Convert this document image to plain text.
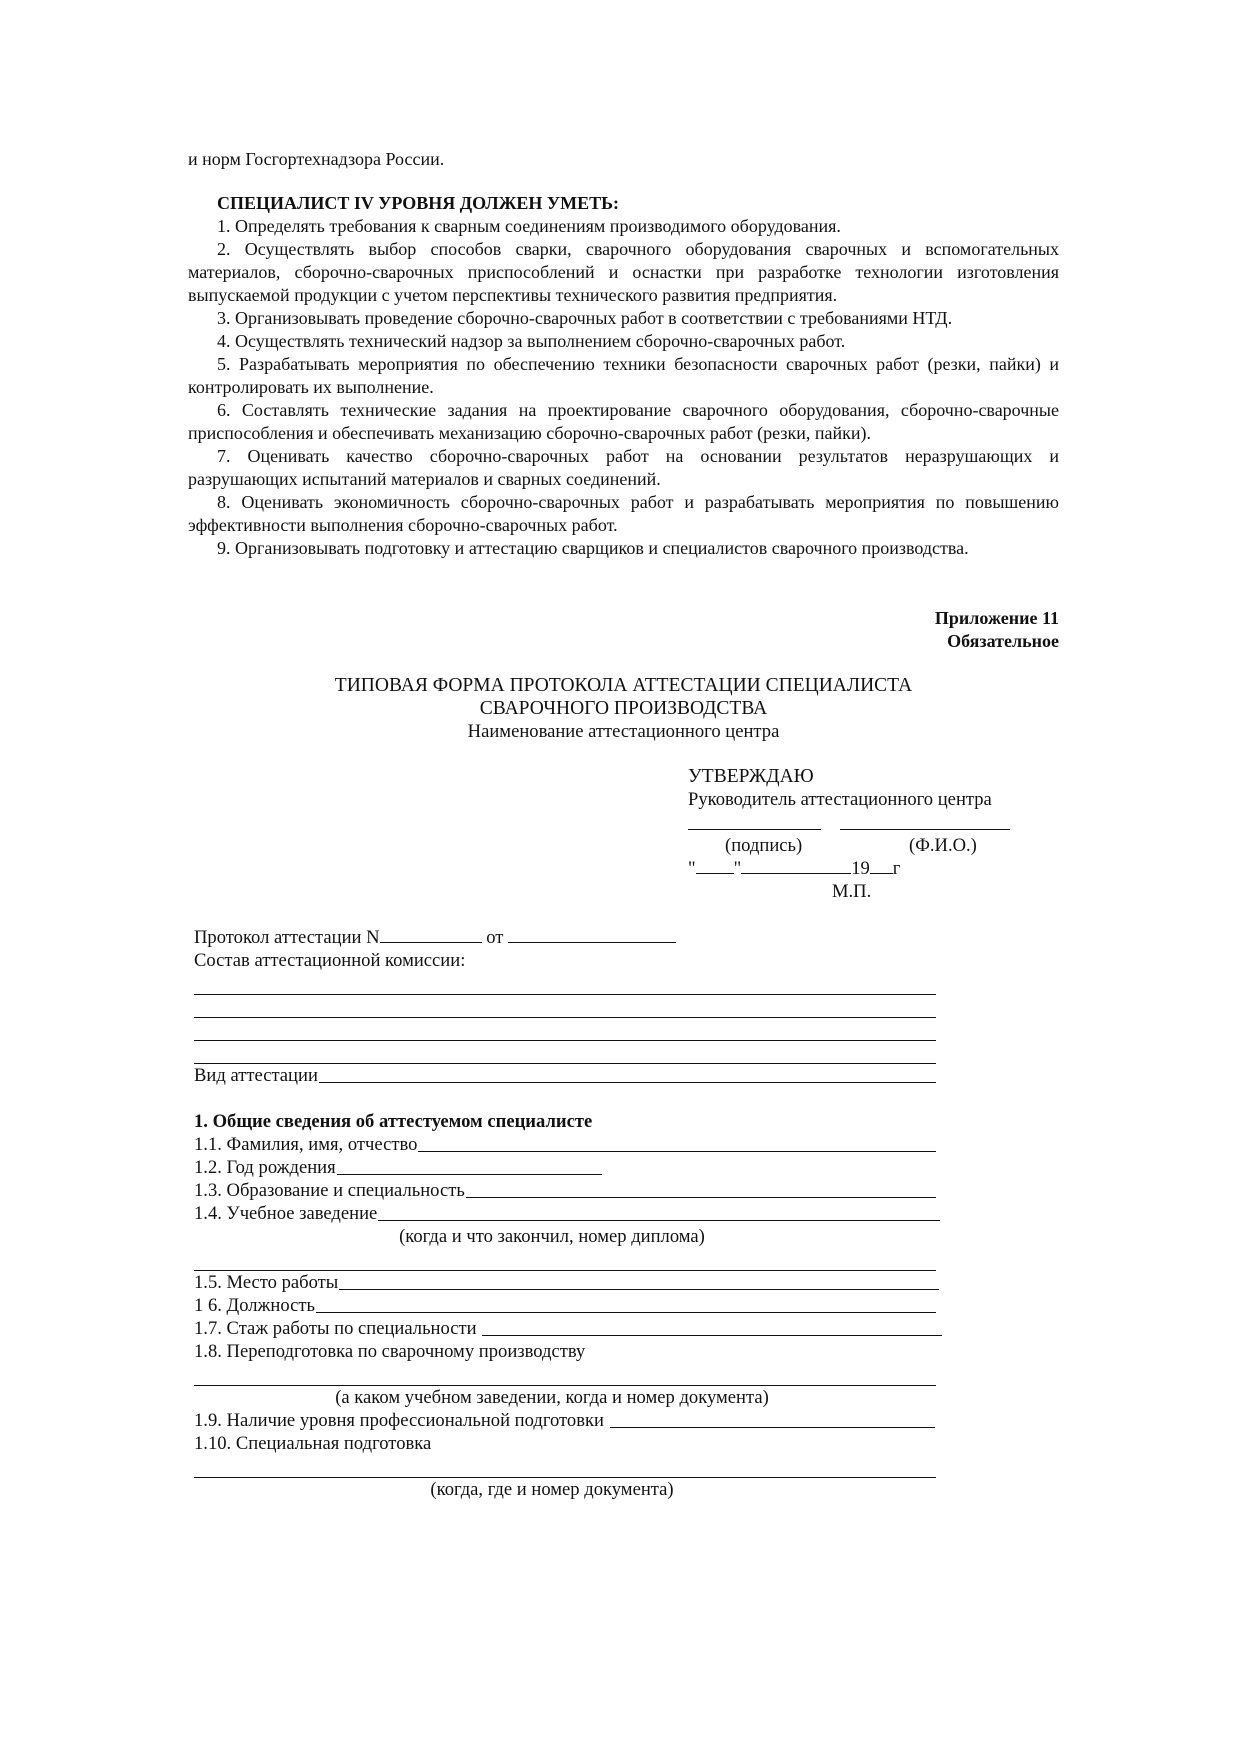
и норм Госгортехнадзора России.

СПЕЦИАЛИСТ IV УРОВНЯ ДОЛЖЕН УМЕТЬ:

1. Определять требования к сварным соединениям производимого оборудования.

2. Осуществлять выбор способов сварки, сварочного оборудования сварочных и вспомогательных материалов, сборочно-сварочных приспособлений и оснастки при разработке технологии изготовления выпускаемой продукции с учетом перспективы технического развития предприятия.

3. Организовывать проведение сборочно-сварочных работ в соответствии с требованиями НТД.

4. Осуществлять технический надзор за выполнением сборочно-сварочных работ.

5. Разрабатывать мероприятия по обеспечению техники безопасности сварочных работ (резки, пайки) и контролировать их выполнение.

6. Составлять технические задания на проектирование сварочного оборудования, сборочно-сварочные приспособления и обеспечивать механизацию сборочно-сварочных работ (резки, пайки).

7. Оценивать качество сборочно-сварочных работ на основании результатов неразрушающих и разрушающих испытаний материалов и сварных соединений.

8. Оценивать экономичность сборочно-сварочных работ и разрабатывать мероприятия по повышению эффективности выполнения сборочно-сварочных работ.

9. Организовывать подготовку и аттестацию сварщиков и специалистов сварочного производства.

Приложение 11

Обязательное

ТИПОВАЯ ФОРМА ПРОТОКОЛА АТТЕСТАЦИИ СПЕЦИАЛИСТА
СВАРОЧНОГО ПРОИЗВОДСТВА

Наименование аттестационного центра

УТВЕРЖДАЮ

Руководитель аттестационного центра

(подпись)	(Ф.И.О.)

" "	19 г

М.П.

Протокол аттестации N	от

Состав аттестационной комиссии:

Вид аттестации

1. Общие сведения об аттестуемом специалисте

1.1. Фамилия, имя, отчество
1.2. Год рождения
1.3. Образование и специальность
1.4. Учебное заведение

(когда и что закончил, номер диплома)

1.5. Место работы
1 6. Должность
1.7. Стаж работы по специальности

1.8. Переподготовка по сварочному производству

(а каком учебном заведении, когда и номер документа)

1.9. Наличие уровня профессиональной подготовки

1.10. Специальная подготовка

(когда, где и номер документа)
